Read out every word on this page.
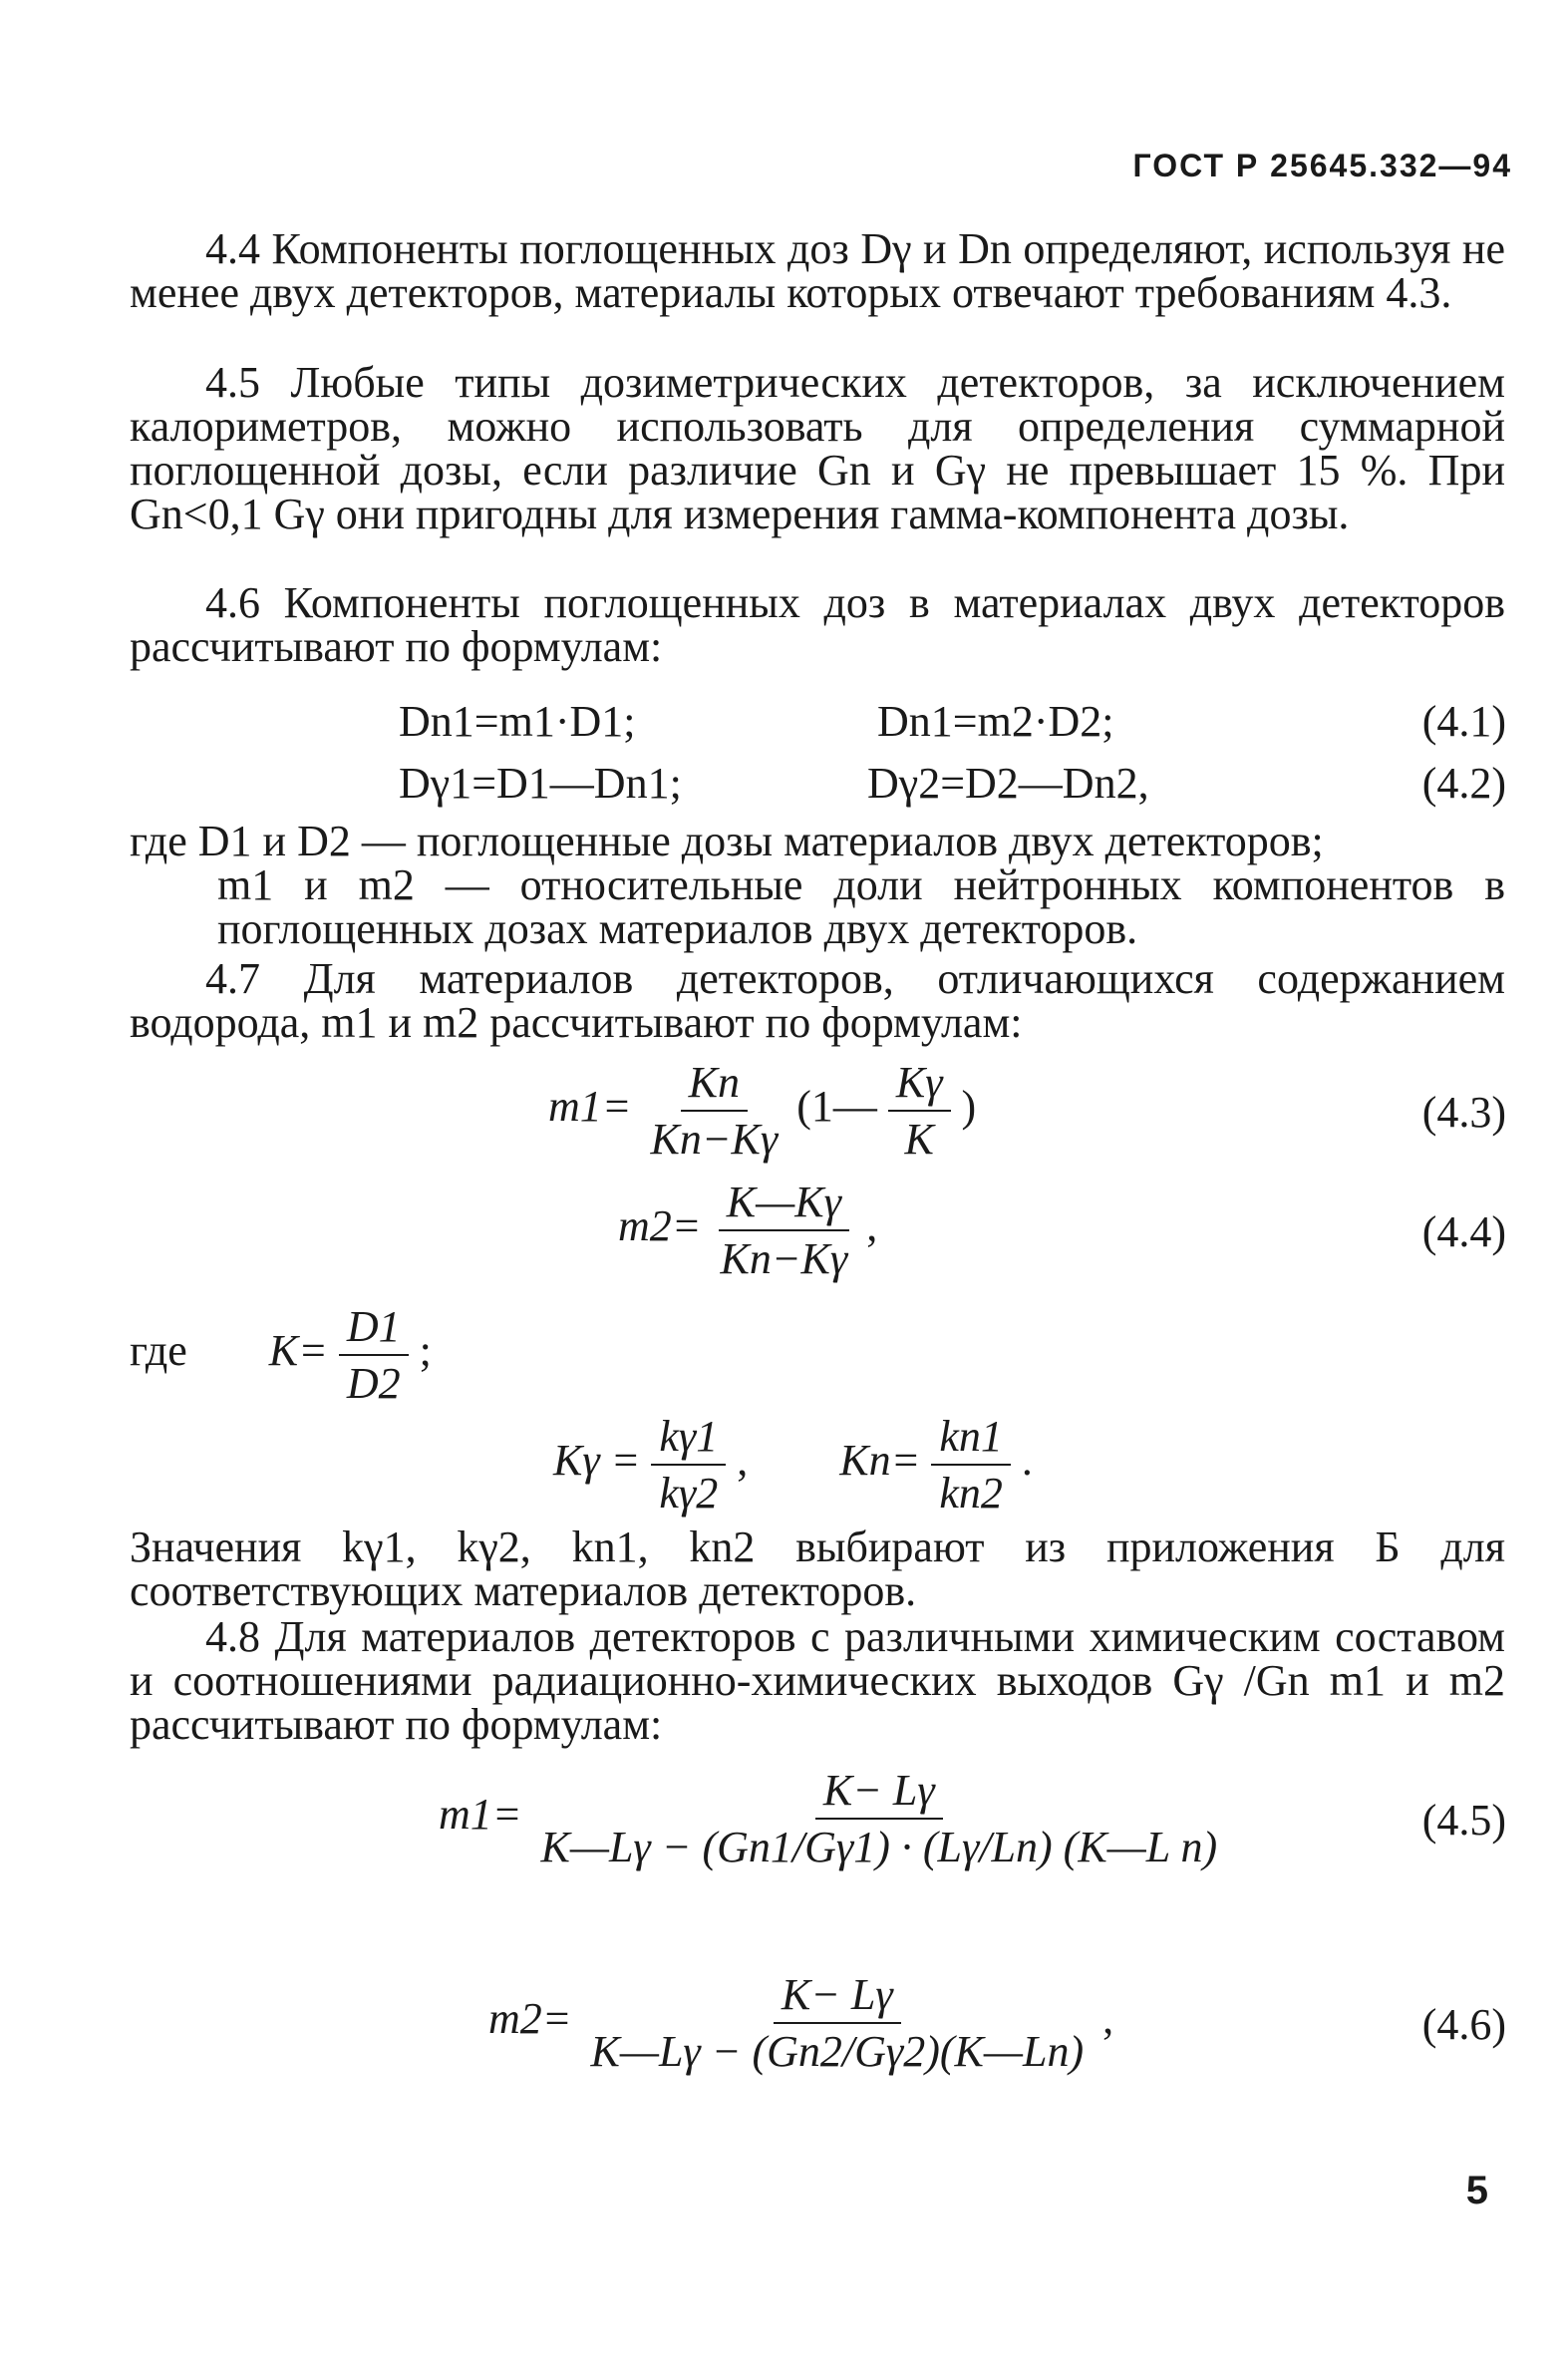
ГОСТ Р 25645.332—94

4.4 Компоненты поглощенных доз Dγ и Dn определяют, используя не менее двух детекторов, материалы которых отвечают требованиям 4.3.

4.5 Любые типы дозиметрических детекторов, за исключением калориметров, можно использовать для определения суммарной поглощенной дозы, если различие Gn и Gγ не превышает 15 %. При Gn<0,1 Gγ они пригодны для измерения гамма-компонента дозы.

4.6 Компоненты поглощенных доз в материалах двух детекторов рассчитывают по формулам:

Dn1=m1·D1;	Dn1=m2·D2;	(4.1)
Dγ1=D1—Dn1;	Dγ2=D2—Dn2,	(4.2)

где D1 и D2 — поглощенные дозы материалов двух детекторов;

m1 и m2 — относительные доли нейтронных компонентов в поглощенных дозах материалов двух детекторов.

4.7 Для материалов детекторов, отличающихся содержанием водорода, m1 и m2 рассчитывают по формулам:

$m1= \frac{Kn}{Kn-K\gamma}$ (1— $\frac{K\gamma}{K}$ )	(4.3)
$m2= \frac{K—K\gamma}{Kn-K\gamma}$ ,	(4.4)
где $K= \frac{D1}{D2}$ ;
$K\gamma = \frac{k\gamma 1}{k\gamma 2}$ , $Kn= \frac{kn1}{kn2}$ .

Значения kγ1, kγ2, kn1, kn2 выбирают из приложения Б для соответствующих материалов детекторов.

4.8 Для материалов детекторов с различными химическим составом и соотношениями радиационно-химических выходов Gγ /Gn m1 и m2 рассчитывают по формулам:

$m1= \frac{K- L\gamma}{\text{K—Lγ − (Gn1/Gγ1) · (Lγ/Ln) (K—L n)}}$	(4.5)
$m2= \frac{K- L\gamma}{K—L\gamma - (Gn2/G\gamma 2)(K—Ln)}$ ,	(4.6)
5
